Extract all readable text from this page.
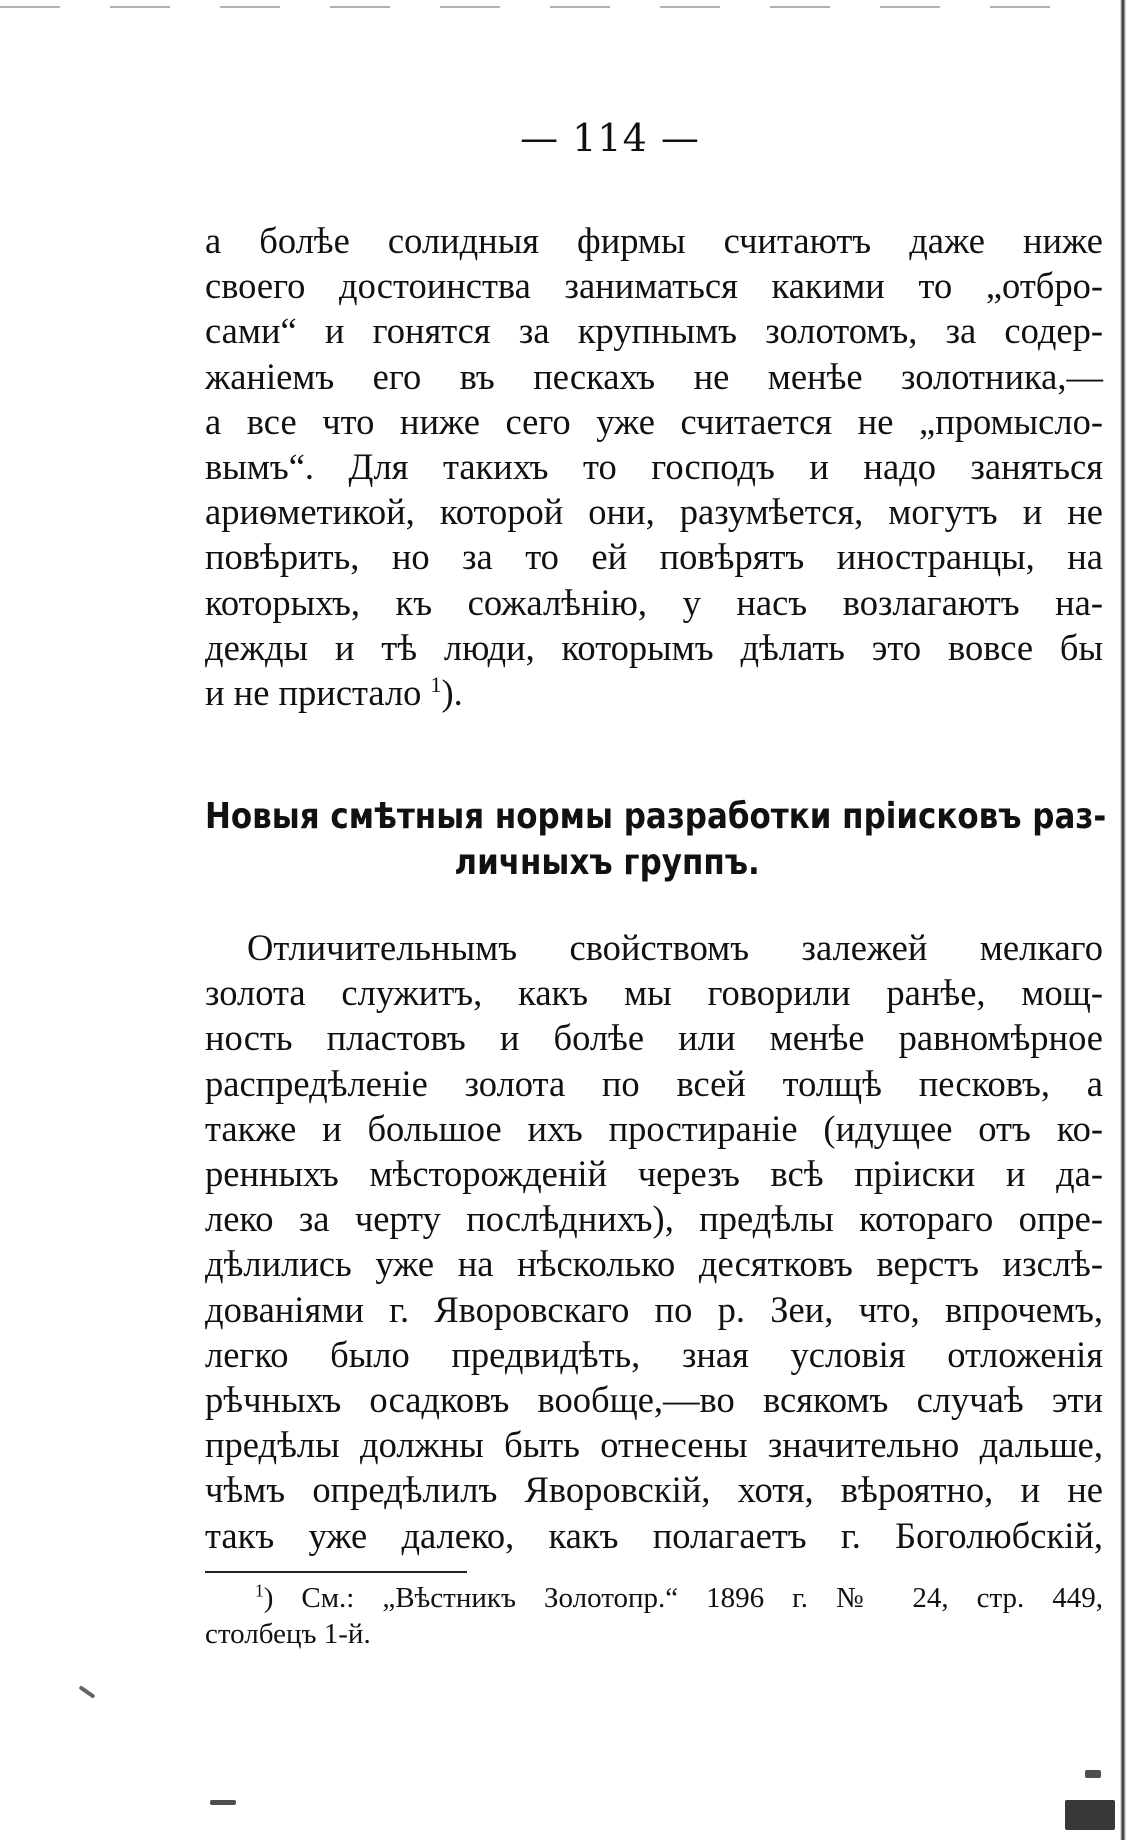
— 114 —
а болѣе солидныя фирмы считаютъ даже ниже
своего достоинства заниматься какими то „отбро-
сами“ и гонятся за крупнымъ золотомъ, за содер-
жаніемъ его въ пескахъ не менѣе золотника,—
а все что ниже сего уже считается не „промысло-
вымъ“. Для такихъ то господъ и надо заняться
ариѳметикой, которой они, разумѣется, могутъ и не
повѣрить, но за то ей повѣрятъ иностранцы, на
которыхъ, къ сожалѣнію, у насъ возлагаютъ на-
дежды и тѣ люди, которымъ дѣлать это вовсе бы
и не пристало $^1$).
Новыя смѣтныя нормы разработки пріисковъ раз-
личныхъ группъ.
Отличительнымъ свойствомъ залежей мелкаго
золота служитъ, какъ мы говорили ранѣе, мощ-
ность пластовъ и болѣе или менѣе равномѣрное
распредѣленіе золота по всей толщѣ песковъ, а
также и большое ихъ простираніе (идущее отъ ко-
ренныхъ мѣсторожденій черезъ всѣ пріиски и да-
леко за черту послѣднихъ), предѣлы котораго опре-
дѣлились уже на нѣсколько десятковъ верстъ изслѣ-
дованіями г. Яворовскаго по р. Зеи, что, впрочемъ,
легко было предвидѣть, зная условія отложенія
рѣчныхъ осадковъ вообще,—во всякомъ случаѣ эти
предѣлы должны быть отнесены значительно дальше,
чѣмъ опредѣлилъ Яворовскій, хотя, вѣроятно, и не
такъ уже далеко, какъ полагаетъ г. Боголюбскій,
$^1$) См.: „Вѣстникъ Золотопр.“ 1896 г. № 24, стр. 449,
столбецъ 1-й.
